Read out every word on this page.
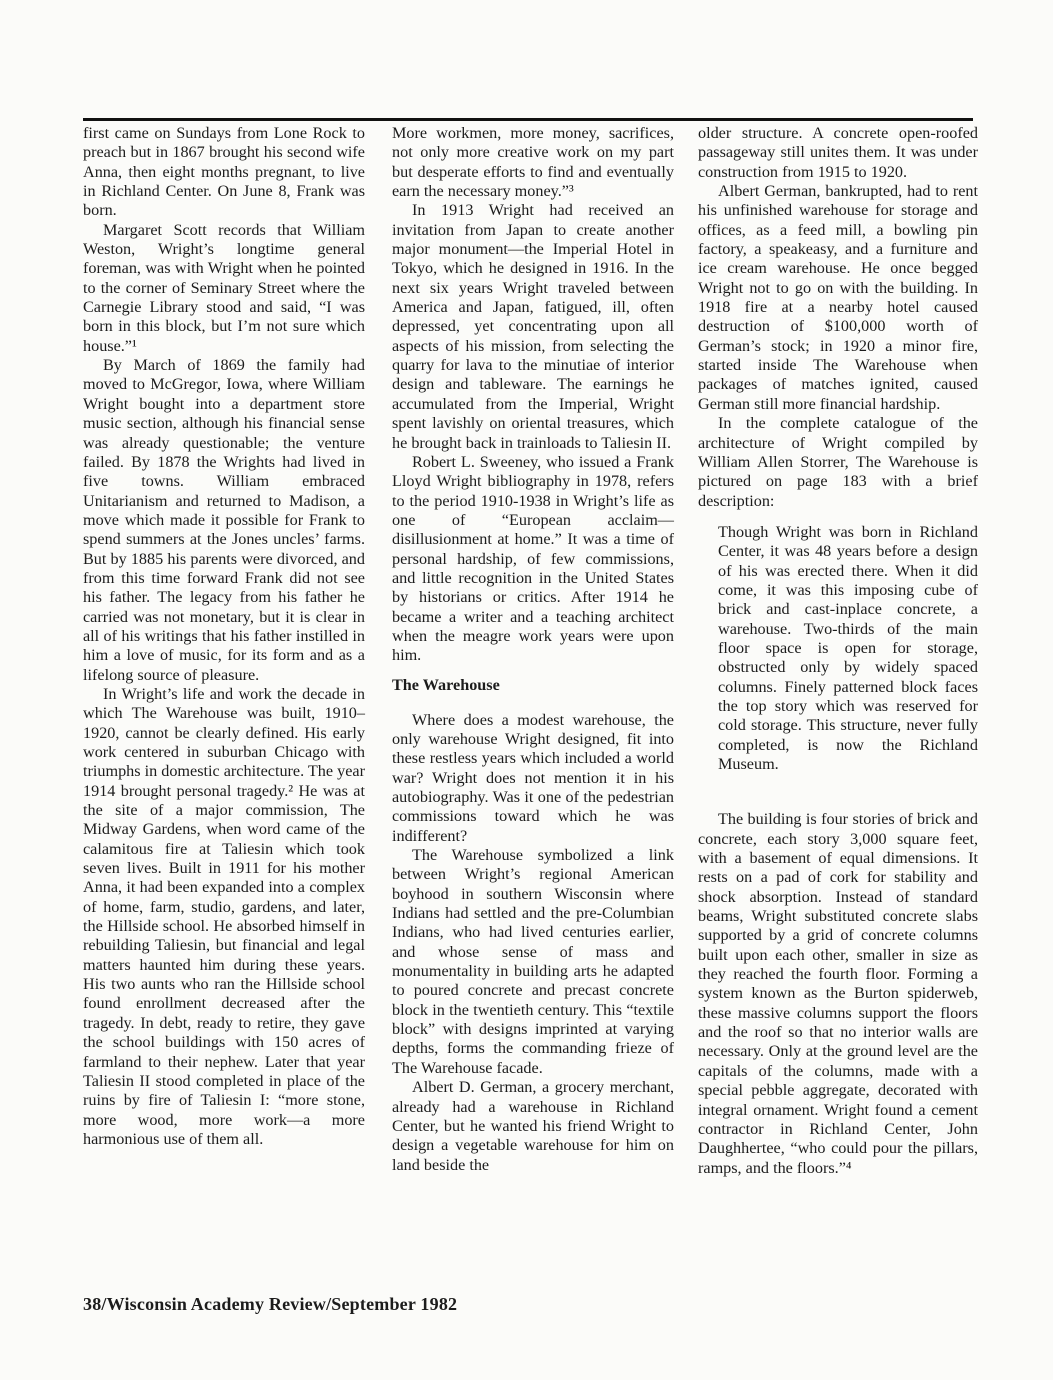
first came on Sundays from Lone Rock to preach but in 1867 brought his second wife Anna, then eight months pregnant, to live in Richland Center. On June 8, Frank was born.

Margaret Scott records that William Weston, Wright’s longtime general foreman, was with Wright when he pointed to the corner of Seminary Street where the Carnegie Library stood and said, “I was born in this block, but I’m not sure which house.”¹

By March of 1869 the family had moved to McGregor, Iowa, where William Wright bought into a department store music section, although his financial sense was already questionable; the venture failed. By 1878 the Wrights had lived in five towns. William embraced Unitarianism and returned to Madison, a move which made it possible for Frank to spend summers at the Jones uncles’ farms. But by 1885 his parents were divorced, and from this time forward Frank did not see his father. The legacy from his father he carried was not monetary, but it is clear in all of his writings that his father instilled in him a love of music, for its form and as a lifelong source of pleasure.

In Wright’s life and work the decade in which The Warehouse was built, 1910–1920, cannot be clearly defined. His early work centered in suburban Chicago with triumphs in domestic architecture. The year 1914 brought personal tragedy.² He was at the site of a major commission, The Midway Gardens, when word came of the calamitous fire at Taliesin which took seven lives. Built in 1911 for his mother Anna, it had been expanded into a complex of home, farm, studio, gardens, and later, the Hillside school. He absorbed himself in rebuilding Taliesin, but financial and legal matters haunted him during these years. His two aunts who ran the Hillside school found enrollment decreased after the tragedy. In debt, ready to retire, they gave the school buildings with 150 acres of farmland to their nephew. Later that year Taliesin II stood completed in place of the ruins by fire of Taliesin I: “more stone, more wood, more work—a more harmonious use of them all.

More workmen, more money, sacrifices, not only more creative work on my part but desperate efforts to find and eventually earn the necessary money.”³

In 1913 Wright had received an invitation from Japan to create another major monument—the Imperial Hotel in Tokyo, which he designed in 1916. In the next six years Wright traveled between America and Japan, fatigued, ill, often depressed, yet concentrating upon all aspects of his mission, from selecting the quarry for lava to the minutiae of interior design and tableware. The earnings he accumulated from the Imperial, Wright spent lavishly on oriental treasures, which he brought back in trainloads to Taliesin II.

Robert L. Sweeney, who issued a Frank Lloyd Wright bibliography in 1978, refers to the period 1910-1938 in Wright’s life as one of “European acclaim—disillusionment at home.” It was a time of personal hardship, of few commissions, and little recognition in the United States by historians or critics. After 1914 he became a writer and a teaching architect when the meagre work years were upon him.

The Warehouse

Where does a modest warehouse, the only warehouse Wright designed, fit into these restless years which included a world war? Wright does not mention it in his autobiography. Was it one of the pedestrian commissions toward which he was indifferent?

The Warehouse symbolized a link between Wright’s regional American boyhood in southern Wisconsin where Indians had settled and the pre-Columbian Indians, who had lived centuries earlier, and whose sense of mass and monumentality in building arts he adapted to poured concrete and precast concrete block in the twentieth century. This “textile block” with designs imprinted at varying depths, forms the commanding frieze of The Warehouse facade.

Albert D. German, a grocery merchant, already had a warehouse in Richland Center, but he wanted his friend Wright to design a vegetable warehouse for him on land beside the

older structure. A concrete open-roofed passageway still unites them. It was under construction from 1915 to 1920.

Albert German, bankrupted, had to rent his unfinished warehouse for storage and offices, as a feed mill, a bowling pin factory, a speakeasy, and a furniture and ice cream warehouse. He once begged Wright not to go on with the building. In 1918 fire at a nearby hotel caused destruction of $100,000 worth of German’s stock; in 1920 a minor fire, started inside The Warehouse when packages of matches ignited, caused German still more financial hardship.

In the complete catalogue of the architecture of Wright compiled by William Allen Storrer, The Warehouse is pictured on page 183 with a brief description:

Though Wright was born in Richland Center, it was 48 years before a design of his was erected there. When it did come, it was this imposing cube of brick and cast-inplace concrete, a warehouse. Two-thirds of the main floor space is open for storage, obstructed only by widely spaced columns. Finely patterned block faces the top story which was reserved for cold storage. This structure, never fully completed, is now the Richland Museum.

The building is four stories of brick and concrete, each story 3,000 square feet, with a basement of equal dimensions. It rests on a pad of cork for stability and shock absorption. Instead of standard beams, Wright substituted concrete slabs supported by a grid of concrete columns built upon each other, smaller in size as they reached the fourth floor. Forming a system known as the Burton spiderweb, these massive columns support the floors and the roof so that no interior walls are necessary. Only at the ground level are the capitals of the columns, made with a special pebble aggregate, decorated with integral ornament. Wright found a cement contractor in Richland Center, John Daughhertee, “who could pour the pillars, ramps, and the floors.”⁴

38/Wisconsin Academy Review/September 1982
